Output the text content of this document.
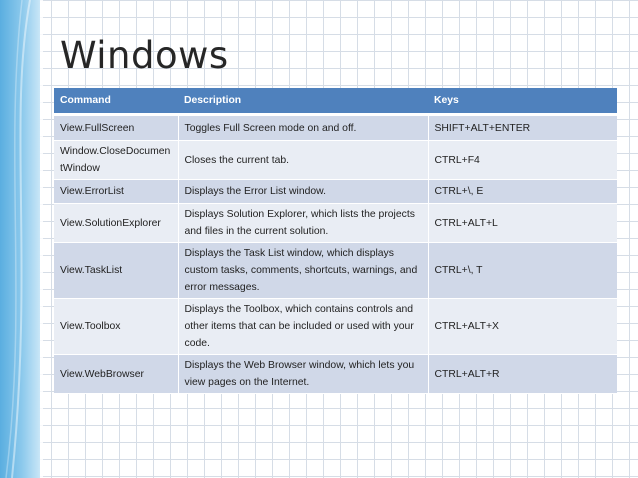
Windows
Command	Description	Keys
View.FullScreen	Toggles Full Screen mode on and off.	SHIFT+ALT+ENTER
Window.CloseDocumentWindow	Closes the current tab.	CTRL+F4
View.ErrorList	Displays the Error List window.	CTRL+\, E
View.SolutionExplorer	Displays Solution Explorer, which lists the projects and files in the current solution.	CTRL+ALT+L
View.TaskList	Displays the Task List window, which displays custom tasks, comments, shortcuts, warnings, and error messages.	CTRL+\, T
View.Toolbox	Displays the Toolbox, which contains controls and other items that can be included or used with your code.	CTRL+ALT+X
View.WebBrowser	Displays the Web Browser window, which lets you view pages on the Internet.	CTRL+ALT+R
